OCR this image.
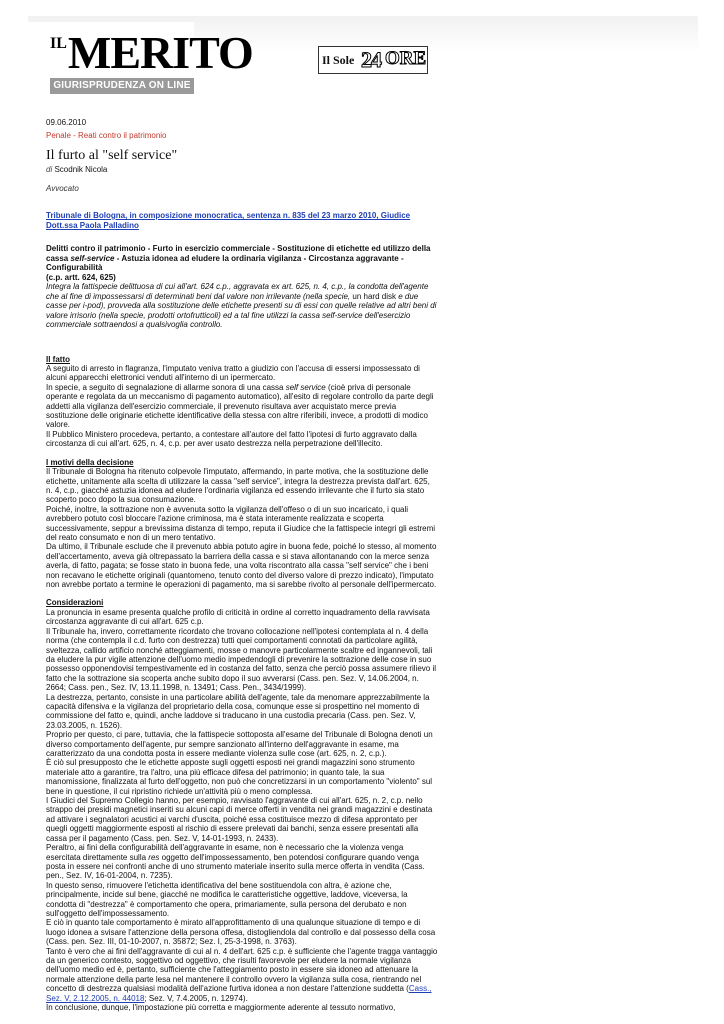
$^{IL}$MERITO
GIURISPRUDENZA ON LINE
Il Sole 24 ORE
09.06.2010
Penale - Reati contro il patrimonio
Il furto al "self service"
di Scodnik Nicola
Avvocato
Tribunale di Bologna, in composizione monocratica, sentenza n. 835 del 23 marzo 2010, Giudice Dott.ssa Paola Palladino
Delitti contro il patrimonio - Furto in esercizio commerciale - Sostituzione di etichette ed utilizzo della cassa self-service - Astuzia idonea ad eludere la ordinaria vigilanza - Circostanza aggravante - Configurabilità
(c.p. artt. 624, 625)
Integra la fattispecie delittuosa di cui all'art. 624 c.p., aggravata ex art. 625, n. 4, c.p., la condotta dell'agente che al fine di impossessarsi di determinati beni dal valore non irrilevante (nella specie, un hard disk e due casse per i-pod), provveda alla sostituzione delle etichette presenti su di essi con quelle relative ad altri beni di valore irrisorio (nella specie, prodotti ortofrutticoli) ed a tal fine utilizzi la cassa self-service dell'esercizio commerciale sottraendosi a qualsivoglia controllo.
Il fatto

A seguito di arresto in flagranza, l'imputato veniva tratto a giudizio con l'accusa di essersi impossessato di alcuni apparecchi elettronici venduti all'interno di un ipermercato.

In specie, a seguito di segnalazione di allarme sonora di una cassa self service (cioè priva di personale operante e regolata da un meccanismo di pagamento automatico), all'esito di regolare controllo da parte degli addetti alla vigilanza dell'esercizio commerciale, il prevenuto risultava aver acquistato merce previa sostituzione delle originarie etichette identificative della stessa con altre riferibili, invece, a prodotti di modico valore.

Il Pubblico Ministero procedeva, pertanto, a contestare all'autore del fatto l'ipotesi di furto aggravato dalla circostanza di cui all'art. 625, n. 4, c.p. per aver usato destrezza nella perpetrazione dell'illecito.

I motivi della decisione

Il Tribunale di Bologna ha ritenuto colpevole l'imputato, affermando, in parte motiva, che la sostituzione delle etichette, unitamente alla scelta di utilizzare la cassa "self service", integra la destrezza prevista dall'art. 625, n. 4, c.p., giacché astuzia idonea ad eludere l'ordinaria vigilanza ed essendo irrilevante che il furto sia stato scoperto poco dopo la sua consumazione.

Poiché, inoltre, la sottrazione non è avvenuta sotto la vigilanza dell'offeso o di un suo incaricato, i quali avrebbero potuto così bloccare l'azione criminosa, ma è stata interamente realizzata e scoperta successivamente, seppur a brevissima distanza di tempo, reputa il Giudice che la fattispecie integri gli estremi del reato consumato e non di un mero tentativo.

Da ultimo, il Tribunale esclude che il prevenuto abbia potuto agire in buona fede, poiché lo stesso, al momento dell'accertamento, aveva già oltrepassato la barriera della cassa e si stava allontanando con la merce senza averla, di fatto, pagata; se fosse stato in buona fede, una volta riscontrato alla cassa "self service" che i beni non recavano le etichette originali (quantomeno, tenuto conto del diverso valore di prezzo indicato), l'imputato non avrebbe portato a termine le operazioni di pagamento, ma si sarebbe rivolto al personale dell'ipermercato.

Considerazioni

La pronuncia in esame presenta qualche profilo di criticità in ordine al corretto inquadramento della ravvisata circostanza aggravante di cui all'art. 625 c.p.

Il Tribunale ha, invero, correttamente ricordato che trovano collocazione nell'ipotesi contemplata al n. 4 della norma (che contempla il c.d. furto con destrezza) tutti quei comportamenti connotati da particolare agilità, sveltezza, callido artificio nonché atteggiamenti, mosse o manovre particolarmente scaltre ed ingannevoli, tali da eludere la pur vigile attenzione dell'uomo medio impedendogli di prevenire la sottrazione delle cose in suo possesso opponendovisi tempestivamente ed in costanza del fatto, senza che perciò possa assumere rilievo il fatto che la sottrazione sia scoperta anche subito dopo il suo avverarsi (Cass. pen. Sez. V, 14.06.2004, n. 2664; Cass. pen., Sez. IV, 13.11.1998, n. 13491; Cass. Pen., 3434/1999).

La destrezza, pertanto, consiste in una particolare abilità dell'agente, tale da menomare apprezzabilmente la capacità difensiva e la vigilanza del proprietario della cosa, comunque esse si prospettino nel momento di commissione del fatto e, quindi, anche laddove si traducano in una custodia precaria (Cass. pen. Sez. V, 23.03.2005, n. 1526).

Proprio per questo, ci pare, tuttavia, che la fattispecie sottoposta all'esame del Tribunale di Bologna denoti un diverso comportamento dell'agente, pur sempre sanzionato all'interno dell'aggravante in esame, ma caratterizzato da una condotta posta in essere mediante violenza sulle cose (art. 625, n. 2, c.p.).

È ciò sul presupposto che le etichette apposte sugli oggetti esposti nei grandi magazzini sono strumento materiale atto a garantire, tra l'altro, una più efficace difesa del patrimonio; in quanto tale, la sua manomissione, finalizzata al furto dell'oggetto, non può che concretizzarsi in un comportamento "violento" sul bene in questione, il cui ripristino richiede un'attività più o meno complessa.

I Giudici del Supremo Collegio hanno, per esempio, ravvisato l'aggravante di cui all'art. 625, n. 2, c.p. nello strappo dei presidi magnetici inseriti su alcuni capi di merce offerti in vendita nei grandi magazzini e destinata ad attivare i segnalatori acustici ai varchi d'uscita, poiché essa costituisce mezzo di difesa approntato per quegli oggetti maggiormente esposti al rischio di essere prelevati dai banchi, senza essere presentati alla cassa per il pagamento (Cass. pen. Sez. V, 14-01-1993, n. 2433).

Peraltro, ai fini della configurabilità dell'aggravante in esame, non è necessario che la violenza venga esercitata direttamente sulla res oggetto dell'impossessamento, ben potendosi configurare quando venga posta in essere nei confronti anche di uno strumento materiale inserito sulla merce offerta in vendita (Cass. pen., Sez. IV, 16-01-2004, n. 7235).

In questo senso, rimuovere l'etichetta identificativa del bene sostituendola con altra, è azione che, principalmente, incide sul bene, giacché ne modifica le caratteristiche oggettive, laddove, viceversa, la condotta di "destrezza" è comportamento che opera, primariamente, sulla persona del derubato e non sull'oggetto dell'impossessamento.

E ciò in quanto tale comportamento è mirato all'approfittamento di una qualunque situazione di tempo e di luogo idonea a svisare l'attenzione della persona offesa, distogliendola dal controllo e dal possesso della cosa (Cass. pen. Sez. III, 01-10-2007, n. 35872; Sez. I, 25-3-1998, n. 3763).

Tanto è vero che ai fini dell'aggravante di cui al n. 4 dell'art. 625 c.p. è sufficiente che l'agente tragga vantaggio da un generico contesto, soggettivo od oggettivo, che risulti favorevole per eludere la normale vigilanza dell'uomo medio ed è, pertanto, sufficiente che l'atteggiamento posto in essere sia idoneo ad attenuare la normale attenzione della parte lesa nel mantenere il controllo ovvero la vigilanza sulla cosa, rientrando nel concetto di destrezza qualsiasi modalità dell'azione furtiva idonea a non destare l'attenzione suddetta (Cass., Sez. V, 2.12.2005, n. 44018; Sez. V, 7.4.2005, n. 12974).

In conclusione, dunque, l'impostazione più corretta e maggiormente aderente al tessuto normativo,
